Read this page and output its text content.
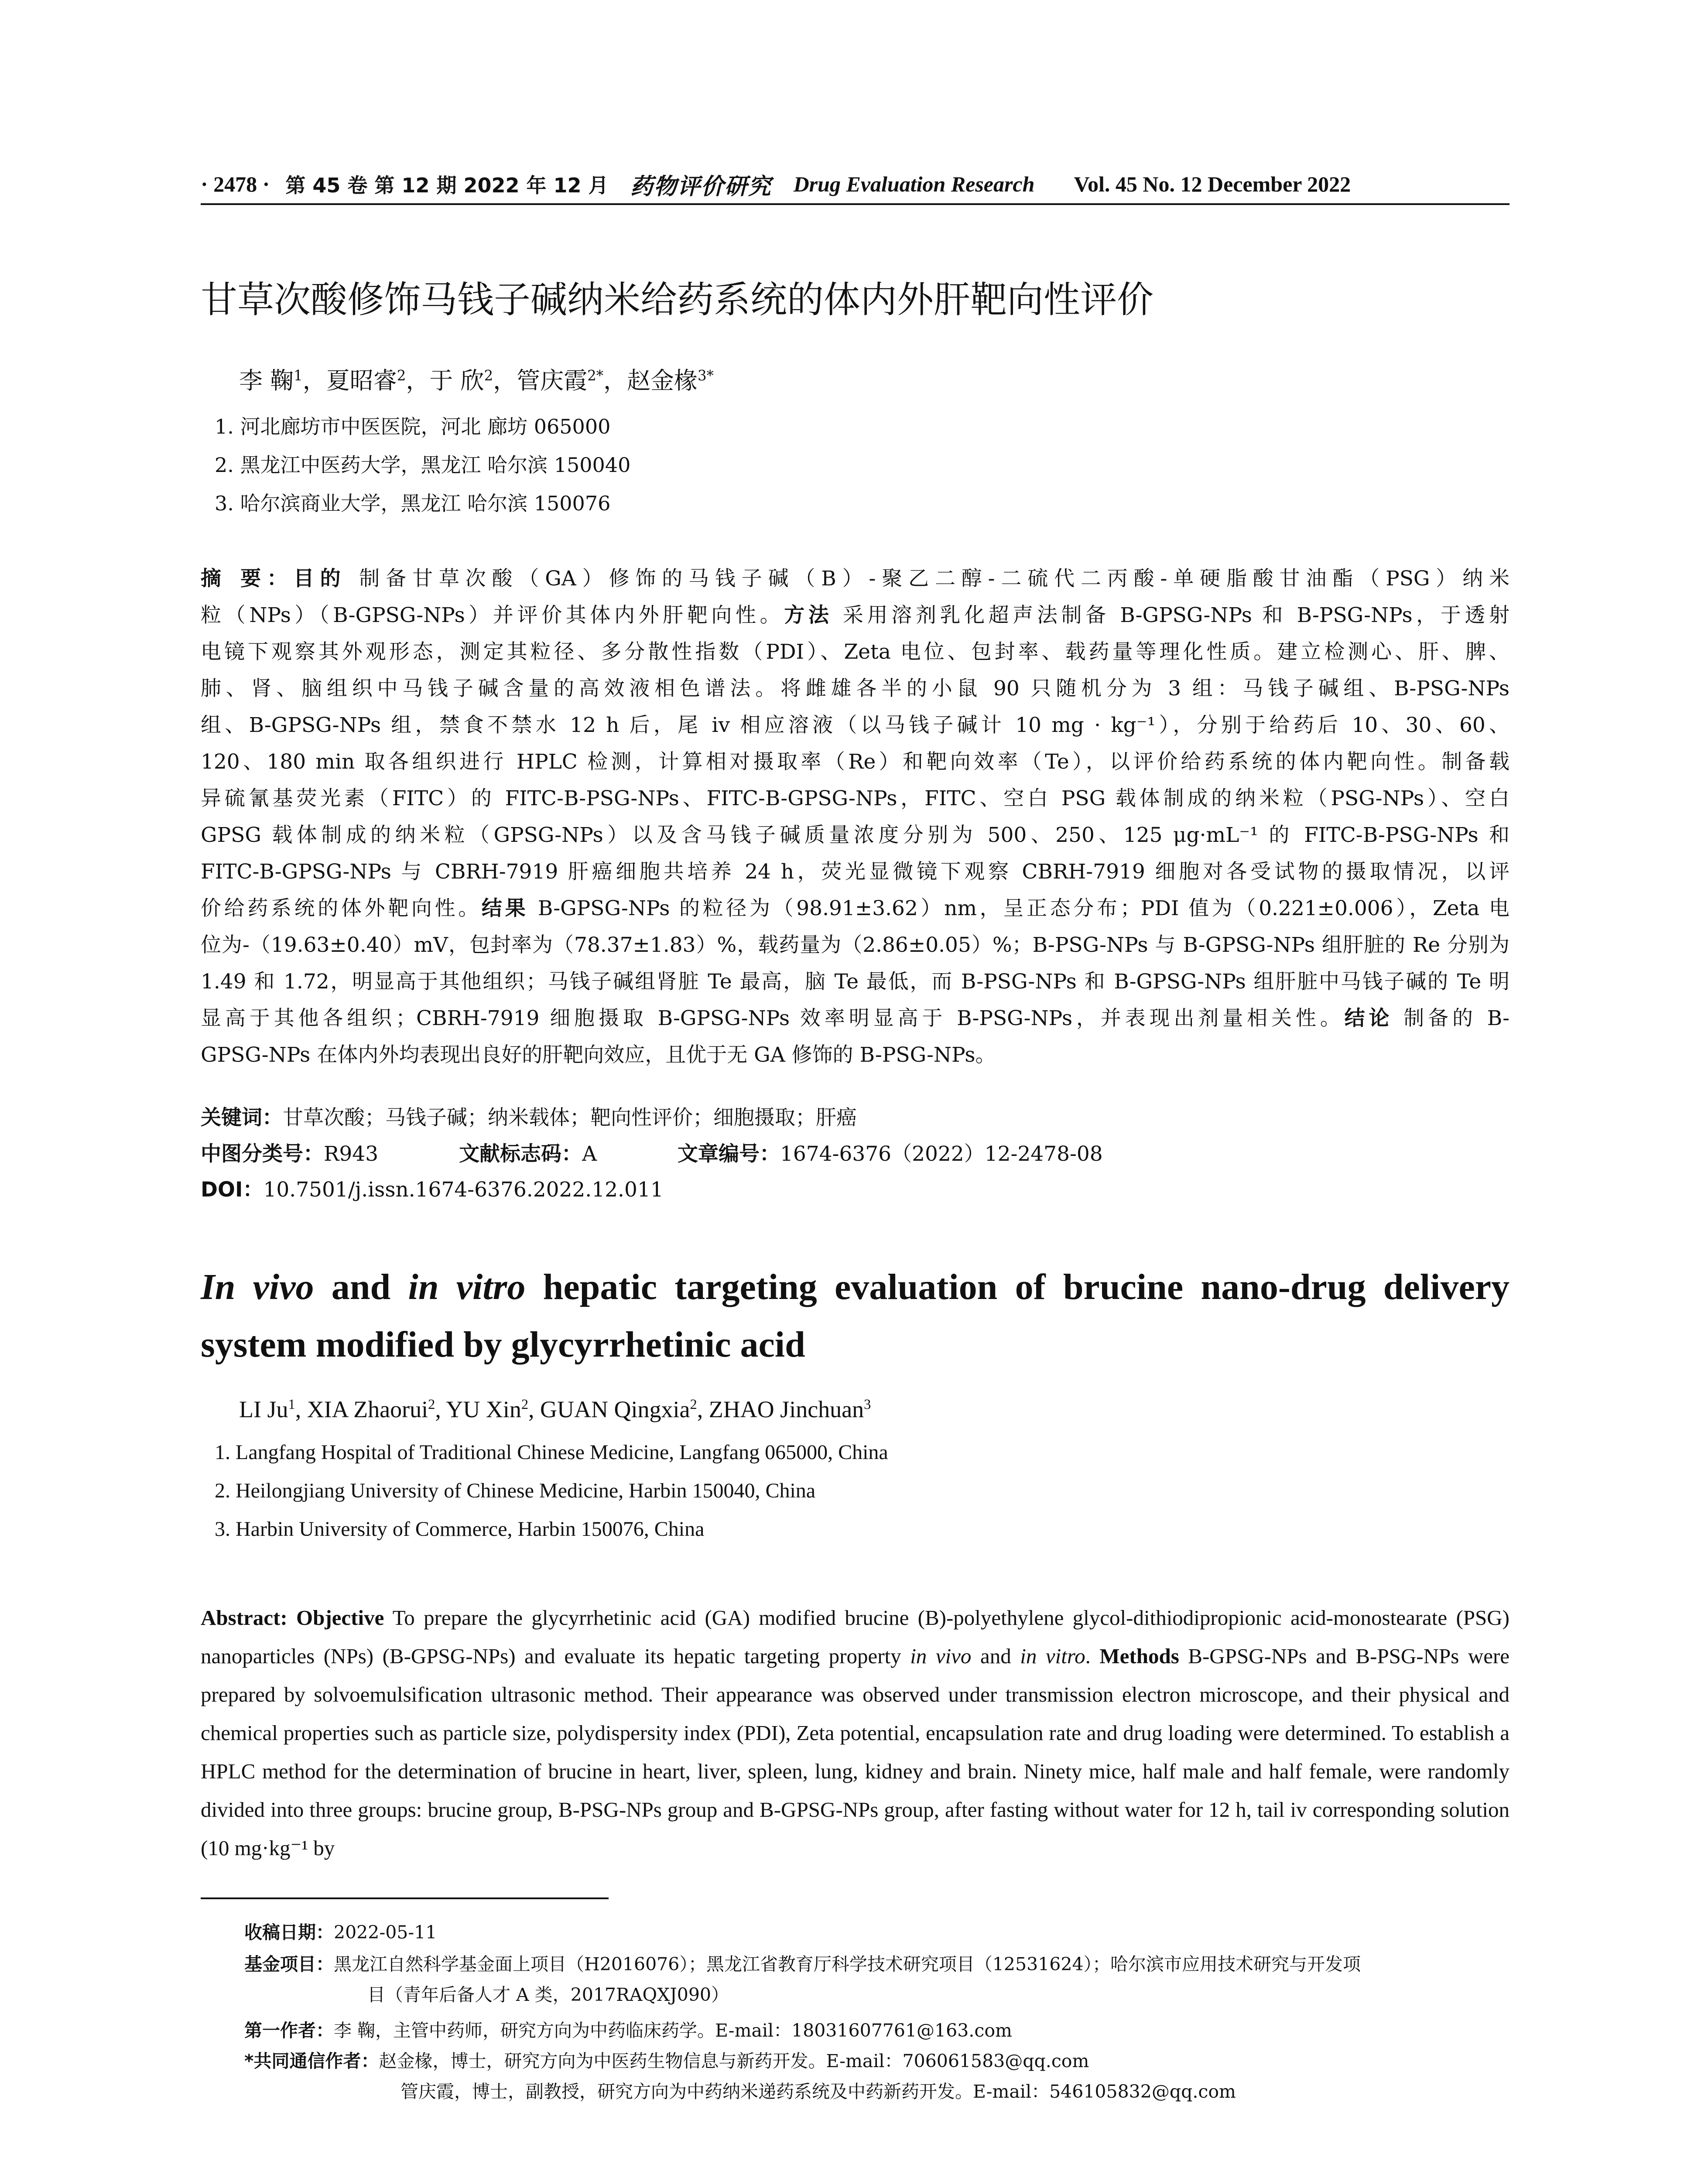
· 2478 · 第 45 卷 第 12 期 2022 年 12 月 药物评价研究 Drug Evaluation Research Vol. 45 No. 12 December 2022
甘草次酸修饰马钱子碱纳米给药系统的体内外肝靶向性评价
李 鞠$^1$，夏昭睿$^2$，于 欣$^2$，管庆霞$^{2*}$，赵金椽$^{3*}$
1. 河北廊坊市中医医院，河北 廊坊 065000
2. 黑龙江中医药大学，黑龙江 哈尔滨 150040
3. 哈尔滨商业大学，黑龙江 哈尔滨 150076

摘 要：目的 制备甘草次酸（GA）修饰的马钱子碱（B）-聚乙二醇-二硫代二丙酸-单硬脂酸甘油酯（PSG）纳米

粒（NPs）（B-GPSG-NPs）并评价其体内外肝靶向性。方法 采用溶剂乳化超声法制备 B-GPSG-NPs 和 B-PSG-NPs，于透射

电镜下观察其外观形态，测定其粒径、多分散性指数（PDI）、Zeta 电位、包封率、载药量等理化性质。建立检测心、肝、脾、

肺、肾、脑组织中马钱子碱含量的高效液相色谱法。将雌雄各半的小鼠 90 只随机分为 3 组：马钱子碱组、B-PSG-NPs

组、B-GPSG-NPs 组，禁食不禁水 12 h 后，尾 iv 相应溶液（以马钱子碱计 10 mg · kg⁻¹），分别于给药后 10、30、60、

120、180 min 取各组织进行 HPLC 检测，计算相对摄取率（Re）和靶向效率（Te），以评价给药系统的体内靶向性。制备载

异硫氰基荧光素（FITC）的 FITC-B-PSG-NPs、FITC-B-GPSG-NPs，FITC、空白 PSG 载体制成的纳米粒（PSG-NPs）、空白

GPSG 载体制成的纳米粒（GPSG-NPs）以及含马钱子碱质量浓度分别为 500、250、125 μg·mL⁻¹ 的 FITC-B-PSG-NPs 和

FITC-B-GPSG-NPs 与 CBRH-7919 肝癌细胞共培养 24 h，荧光显微镜下观察 CBRH-7919 细胞对各受试物的摄取情况，以评

价给药系统的体外靶向性。结果 B-GPSG-NPs 的粒径为（98.91±3.62）nm，呈正态分布；PDI 值为（0.221±0.006），Zeta 电

位为-（19.63±0.40）mV，包封率为（78.37±1.83）%，载药量为（2.86±0.05）%；B-PSG-NPs 与 B-GPSG-NPs 组肝脏的 Re 分别为

1.49 和 1.72，明显高于其他组织；马钱子碱组肾脏 Te 最高，脑 Te 最低，而 B-PSG-NPs 和 B-GPSG-NPs 组肝脏中马钱子碱的 Te 明

显高于其他各组织；CBRH-7919 细胞摄取 B-GPSG-NPs 效率明显高于 B-PSG-NPs，并表现出剂量相关性。结论 制备的 B-

GPSG-NPs 在体内外均表现出良好的肝靶向效应，且优于无 GA 修饰的 B-PSG-NPs。

关键词：甘草次酸；马钱子碱；纳米载体；靶向性评价；细胞摄取；肝癌
中图分类号：R943	文献标志码：A	文章编号：1674-6376（2022）12-2478-08
DOI：10.7501/j.issn.1674-6376.2022.12.011

In vivo and in vitro hepatic targeting evaluation of brucine nano-drug delivery system modified by glycyrrhetinic acid

LI Ju$^1$, XIA Zhaorui$^2$, YU Xin$^2$, GUAN Qingxia$^2$, ZHAO Jinchuan$^3$
1. Langfang Hospital of Traditional Chinese Medicine, Langfang 065000, China
2. Heilongjiang University of Chinese Medicine, Harbin 150040, China
3. Harbin University of Commerce, Harbin 150076, China

Abstract: Objective To prepare the glycyrrhetinic acid (GA) modified brucine (B)-polyethylene glycol-dithiodipropionic acid-monostearate (PSG) nanoparticles (NPs) (B-GPSG-NPs) and evaluate its hepatic targeting property in vivo and in vitro. Methods B-GPSG-NPs and B-PSG-NPs were prepared by solvoemulsification ultrasonic method. Their appearance was observed under transmission electron microscope, and their physical and chemical properties such as particle size, polydispersity index (PDI), Zeta potential, encapsulation rate and drug loading were determined. To establish a HPLC method for the determination of brucine in heart, liver, spleen, lung, kidney and brain. Ninety mice, half male and half female, were randomly divided into three groups: brucine group, B-PSG-NPs group and B-GPSG-NPs group, after fasting without water for 12 h, tail iv corresponding solution (10 mg·kg⁻¹ by

收稿日期：2022-05-11
基金项目：黑龙江自然科学基金面上项目（H2016076）；黑龙江省教育厅科学技术研究项目（12531624）；哈尔滨市应用技术研究与开发项
目（青年后备人才 A 类，2017RAQXJ090）
第一作者：李 鞠，主管中药师，研究方向为中药临床药学。E-mail：18031607761@163.com
*共同通信作者：赵金椽，博士，研究方向为中医药生物信息与新药开发。E-mail：706061583@qq.com
管庆霞，博士，副教授，研究方向为中药纳米递药系统及中药新药开发。E-mail：546105832@qq.com
